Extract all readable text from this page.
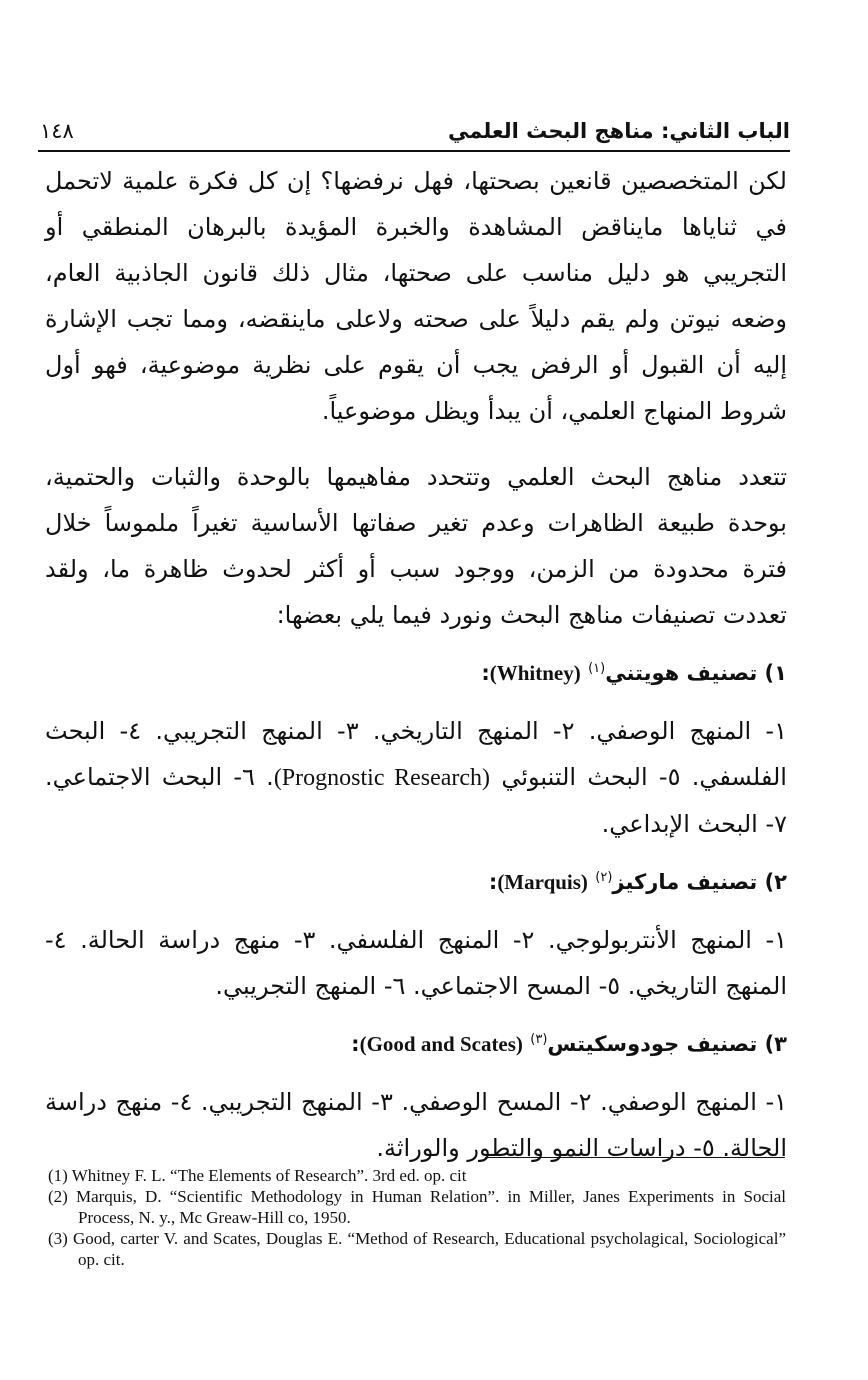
الباب الثاني: مناهج البحث العلمي
١٤٨

لكن المتخصصين قانعين بصحتها، فهل نرفضها؟ إن كل فكرة علمية لاتحمل في ثناياها مايناقض المشاهدة والخبرة المؤيدة بالبرهان المنطقي أو التجريبي هو دليل مناسب على صحتها، مثال ذلك قانون الجاذبية العام، وضعه نيوتن ولم يقم دليلاً على صحته ولاعلى ماينقضه، ومما تجب الإشارة إليه أن القبول أو الرفض يجب أن يقوم على نظرية موضوعية، فهو أول شروط المنهاج العلمي، أن يبدأ ويظل موضوعياً.

تتعدد مناهج البحث العلمي وتتحدد مفاهيمها بالوحدة والثبات والحتمية، بوحدة طبيعة الظاهرات وعدم تغير صفاتها الأساسية تغيراً ملموساً خلال فترة محدودة من الزمن، ووجود سبب أو أكثر لحدوث ظاهرة ما، ولقد تعددت تصنيفات مناهج البحث ونورد فيما يلي بعضها:

١) تصنيف هويتني$^{(١)}$ (Whitney):

١- المنهج الوصفي. ٢- المنهج التاريخي. ٣- المنهج التجريبي. ٤- البحث الفلسفي. ٥- البحث التنبوئي (Prognostic Research). ٦- البحث الاجتماعي. ٧- البحث الإبداعي.

٢) تصنيف ماركيز$^{(٢)}$ (Marquis):

١- المنهج الأنتربولوجي. ٢- المنهج الفلسفي. ٣- منهج دراسة الحالة. ٤- المنهج التاريخي. ٥- المسح الاجتماعي. ٦- المنهج التجريبي.

٣) تصنيف جودوسكيتس$^{(٣)}$ (Good and Scates):

١- المنهج الوصفي. ٢- المسح الوصفي. ٣- المنهج التجريبي. ٤- منهج دراسة الحالة. ٥- دراسات النمو والتطور والوراثة.

(1) Whitney F. L. “The Elements of Research”. 3rd ed. op. cit

(2) Marquis, D. “Scientific Methodology in Human Relation”. in Miller, Janes Experiments in Social Process, N. y., Mc Greaw-Hill co, 1950.

(3) Good, carter V. and Scates, Douglas E. “Method of Research, Educational psycholagical, Sociological” op. cit.
